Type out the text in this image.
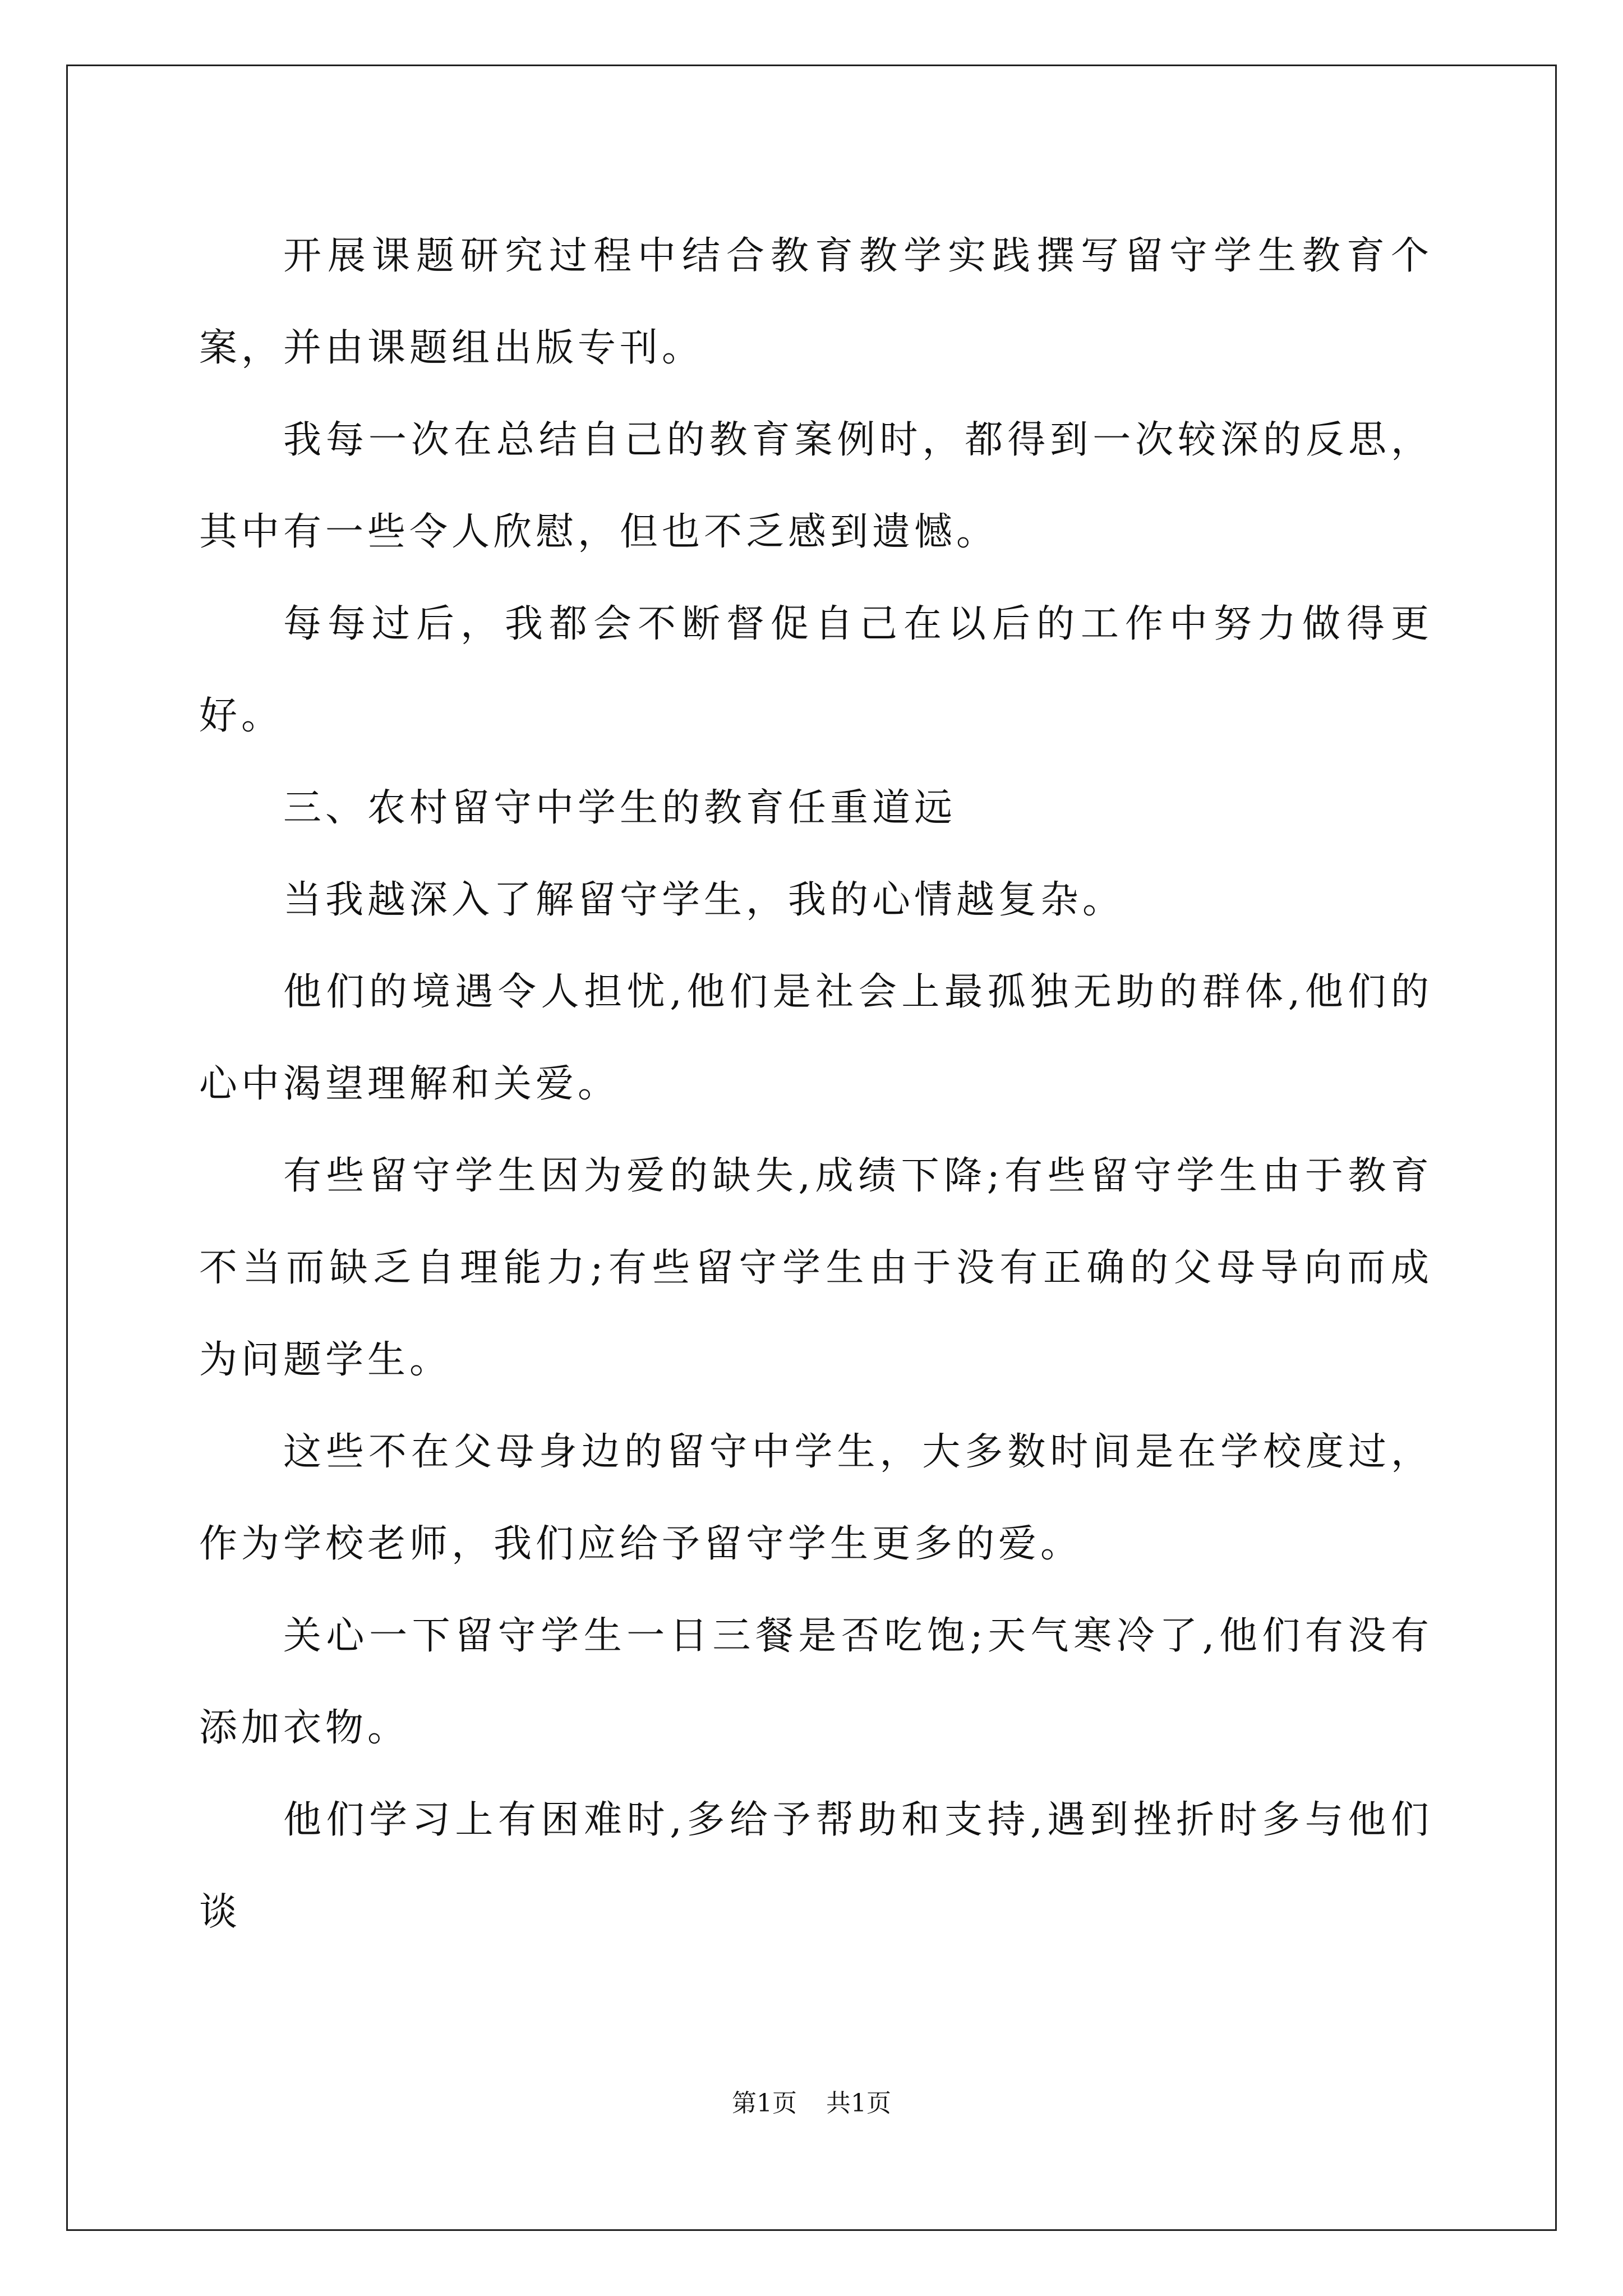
开展课题研究过程中结合教育教学实践撰写留守学生教育个案，并由课题组出版专刊。

我每一次在总结自己的教育案例时，都得到一次较深的反思，其中有一些令人欣慰，但也不乏感到遗憾。

每每过后，我都会不断督促自己在以后的工作中努力做得更好。

三、农村留守中学生的教育任重道远

当我越深入了解留守学生，我的心情越复杂。

他们的境遇令人担忧,他们是社会上最孤独无助的群体,他们的心中渴望理解和关爱。

有些留守学生因为爱的缺失,成绩下降;有些留守学生由于教育不当而缺乏自理能力;有些留守学生由于没有正确的父母导向而成为问题学生。

这些不在父母身边的留守中学生，大多数时间是在学校度过，作为学校老师，我们应给予留守学生更多的爱。

关心一下留守学生一日三餐是否吃饱;天气寒冷了,他们有没有添加衣物。

他们学习上有困难时,多给予帮助和支持,遇到挫折时多与他们谈

第1页 共1页
